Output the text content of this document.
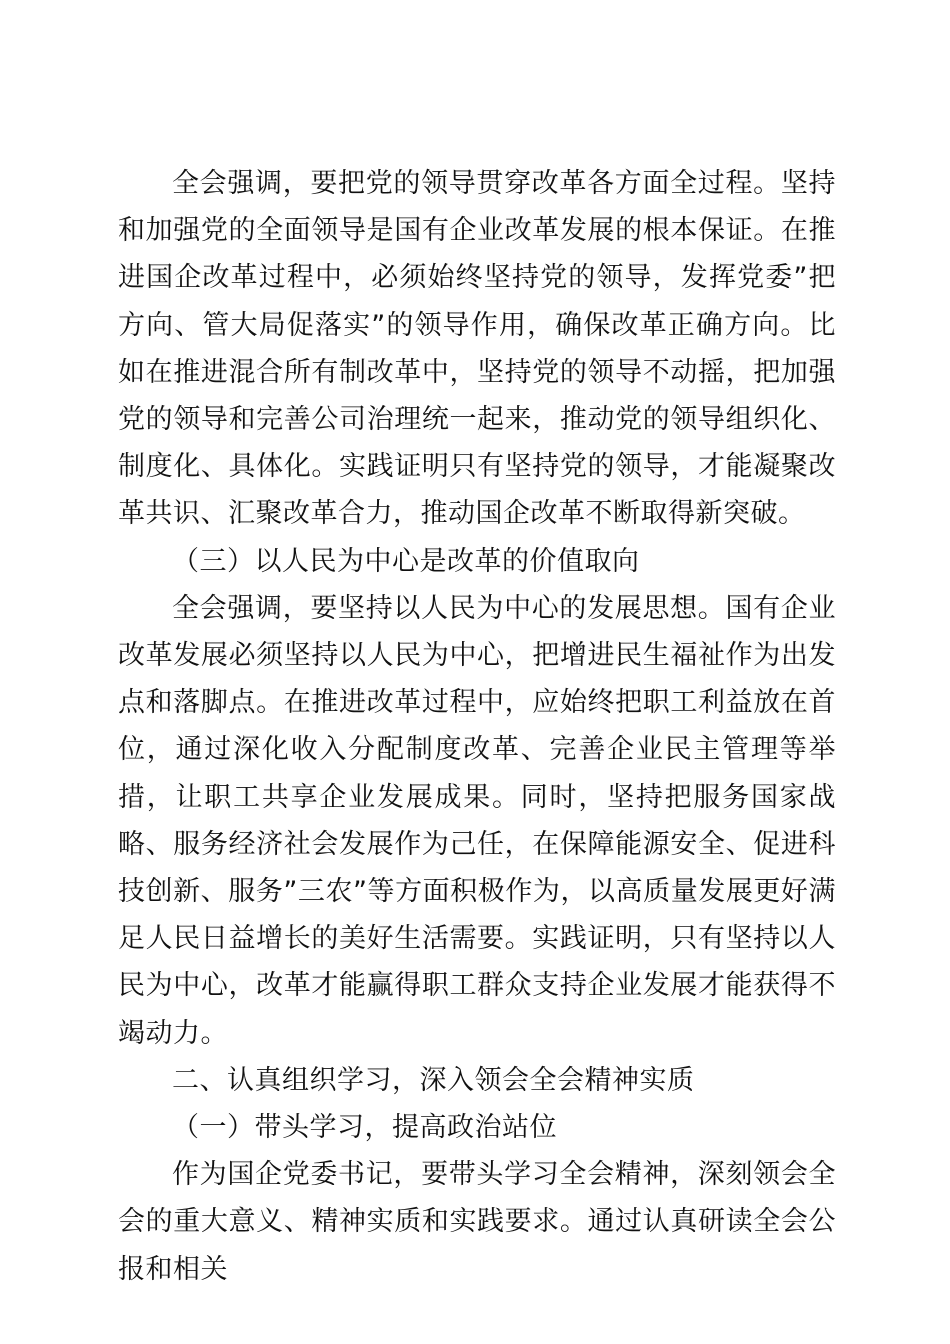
全会强调，要把党的领导贯穿改革各方面全过程。坚持和加强党的全面领导是国有企业改革发展的根本保证。在推进国企改革过程中，必须始终坚持党的领导，发挥党委”把方向、管大局促落实”的领导作用，确保改革正确方向。比如在推进混合所有制改革中，坚持党的领导不动摇，把加强党的领导和完善公司治理统一起来，推动党的领导组织化、制度化、具体化。实践证明只有坚持党的领导，才能凝聚改革共识、汇聚改革合力，推动国企改革不断取得新突破。

（三）以人民为中心是改革的价值取向

全会强调，要坚持以人民为中心的发展思想。国有企业改革发展必须坚持以人民为中心，把增进民生福祉作为出发点和落脚点。在推进改革过程中，应始终把职工利益放在首位，通过深化收入分配制度改革、完善企业民主管理等举措，让职工共享企业发展成果。同时，坚持把服务国家战略、服务经济社会发展作为己任，在保障能源安全、促进科技创新、服务”三农”等方面积极作为，以高质量发展更好满足人民日益增长的美好生活需要。实践证明，只有坚持以人民为中心，改革才能赢得职工群众支持企业发展才能获得不竭动力。

二、认真组织学习，深入领会全会精神实质

（一）带头学习，提高政治站位

作为国企党委书记，要带头学习全会精神，深刻领会全会的重大意义、精神实质和实践要求。通过认真研读全会公报和相关
